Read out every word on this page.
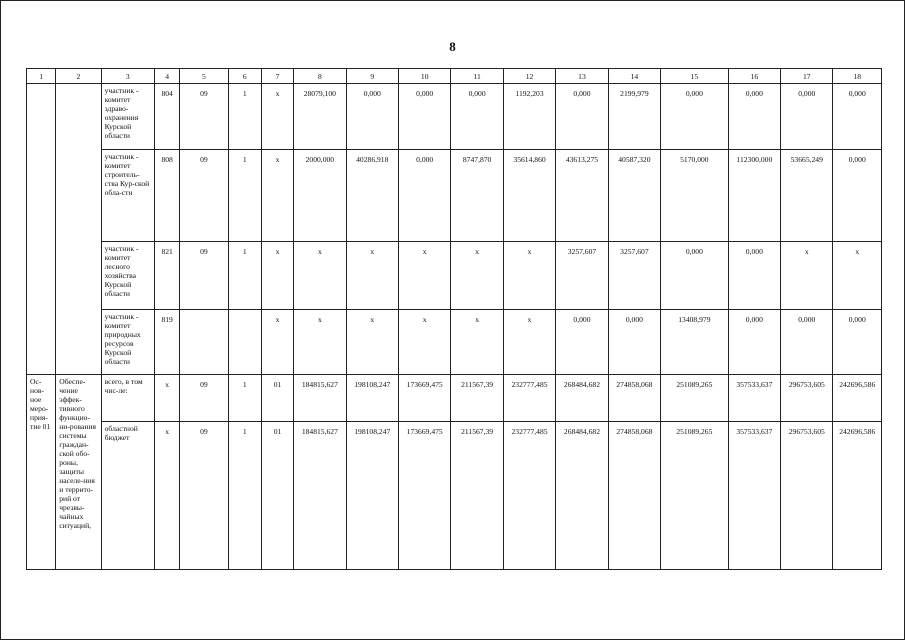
8
1	2	3	4	5	6	7	8	9	10	11	12	13	14	15	16	17	18
		участник - комитет здраво-охранения Курской области	804	09	1	х	28079,100	0,000	0,000	0,000	1192,203	0,000	2199,979	0,000	0,000	0,000	0,000
		участник - комитет строитель-ства Кур-ской обла-сти	808	09	1	х	2000,000	40286,918	0,000	8747,870	35614,860	43613,275	40587,320	5170,000	112300,000	53665,249	0,000
		участник - комитет лесного хозяйства Курской области	821	09	1	х	х	х	х	х	х	3257,607	3257,607	0,000	0,000	х	х
		участник - комитет природных ресурсов Курской области	819			х	х	х	х	х	х	0,000	0,000	13408,979	0,000	0,000	0,000
Ос-нов-ное меро-прия-тие 01	Обеспе-чение эффек-тивного функцио-ни-рования системы граждан-ской обо-роны, защиты населе-ния и террито-рий от чрезвы-чайных ситуаций,	всего, в том чис-ле:	х	09	1	01	184815,627	198108,247	173669,475	211567,39	232777,485	268484,682	274858,068	251089,265	357533,637	296753,605	242696,586
		областной бюджет	х	09	1	01	184815,627	198108,247	173669,475	211567,39	232777,485	268484,682	274858,068	251089,265	357533,637	296753,605	242696,586
